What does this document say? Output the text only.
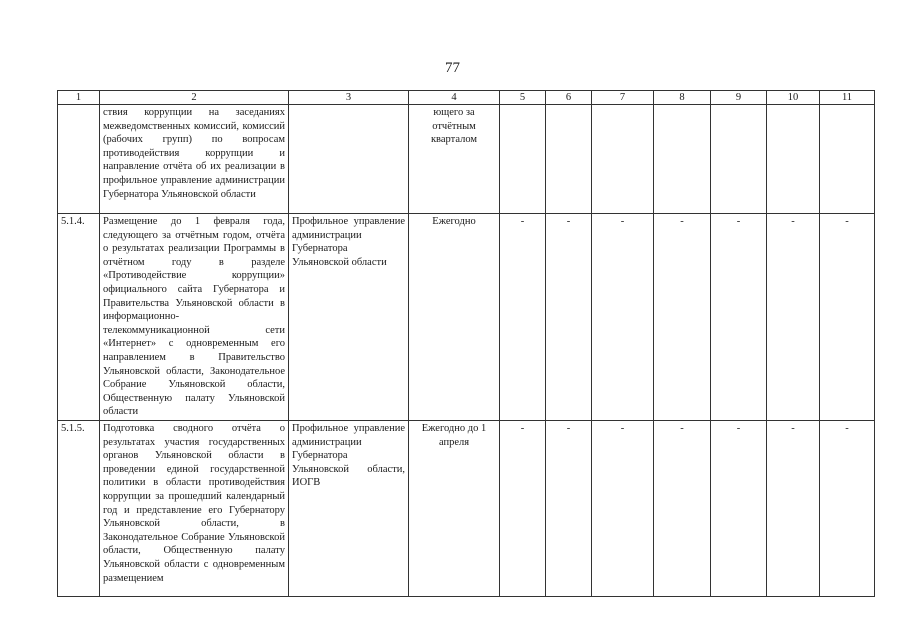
77
1	2	3	4	5	6	7	8	9	10	11
	ствия коррупции на заседаниях межведомственных комиссий, комиссий (рабочих групп) по вопросам противодействия коррупции и направление отчёта об их реализации в профильное управление администрации Губернатора Ульяновской области		ющего за отчётным кварталом							
5.1.4.	Размещение до 1 февраля года, следующего за отчётным годом, отчёта о результатах реализации Программы в отчётном году в разделе «Противодействие коррупции» официального сайта Губернатора и Правительства Ульяновской области в информационно-телекоммуникационной сети «Интернет» с одновременным его направлением в Правительство Ульяновской области, Законодательное Собрание Ульяновской области, Общественную палату Ульяновской области	Профильное управление администрации Губернатора Ульяновской области	Ежегодно	-	-	-	-	-	-	-
5.1.5.	Подготовка сводного отчёта о результатах участия государственных органов Ульяновской области в проведении единой государственной политики в области противодействия коррупции за прошедший календарный год и представление его Губернатору Ульяновской области, в Законодательное Собрание Ульяновской области, Общественную палату Ульяновской области с одновременным размещением	Профильное управление администрации Губернатора Ульяновской области, ИОГВ	Ежегодно до 1 апреля	-	-	-	-	-	-	-
